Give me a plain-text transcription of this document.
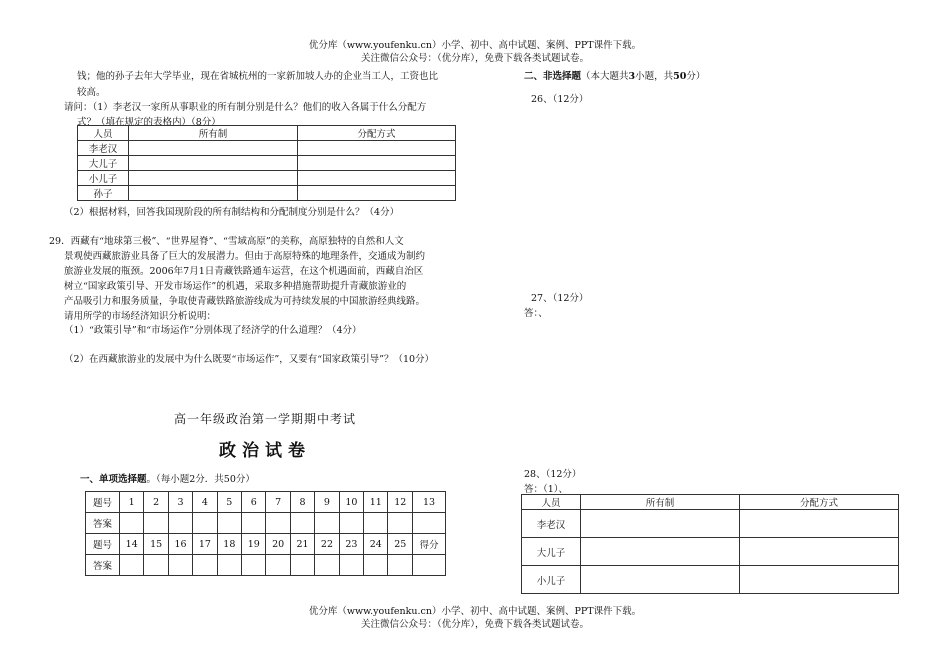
优分库（www.youfenku.cn）小学、初中、高中试题、案例、PPT课件下载。
关注微信公众号：（优分库），免费下载各类试题试卷。
钱；他的孙子去年大学毕业，现在省城杭州的一家新加坡人办的企业当工人，工资也比
较高。
请问：（1）李老汉一家所从事职业的所有制分别是什么？他们的收入各属于什么分配方
式？（填在规定的表格内）（8分）
人员	所有制	分配方式
李老汉		
大儿子		
小儿子		
孙子		
（2）根据材料，回答我国现阶段的所有制结构和分配制度分别是什么？（4分）
29．西藏有“地球第三极”、“世界屋脊”、“雪域高原”的美称，高原独特的自然和人文
景观使西藏旅游业具备了巨大的发展潜力。但由于高原特殊的地理条件，交通成为制约
旅游业发展的瓶颈。2006年7月1日青藏铁路通车运营，在这个机遇面前，西藏自治区
树立“国家政策引导、开发市场运作”的机遇，采取多种措施帮助提升青藏旅游业的
产品吸引力和服务质量，争取使青藏铁路旅游线成为可持续发展的中国旅游经典线路。
请用所学的市场经济知识分析说明：
（1）“政策引导”和“市场运作”分别体现了经济学的什么道理？（4分）
（2）在西藏旅游业的发展中为什么既要“市场运作”，又要有“国家政策引导”？（10分）
高一年级政治第一学期期中考试
政治试卷
一、单项选择题。（每小题2分．共50分）
题号	1	2	3	4	5	6	7	8	9	10	11	12	13
答案													
题号	14	15	16	17	18	19	20	21	22	23	24	25	得分
答案													
二、非选择题（本大题共3小题，共50分）
26、（12分）
27、（12分）
答：、
28、（12分）
答：（1）、
人员	所有制	分配方式
李老汉		
大儿子		
小儿子		
优分库（www.youfenku.cn）小学、初中、高中试题、案例、PPT课件下载。
关注微信公众号：（优分库），免费下载各类试题试卷。
